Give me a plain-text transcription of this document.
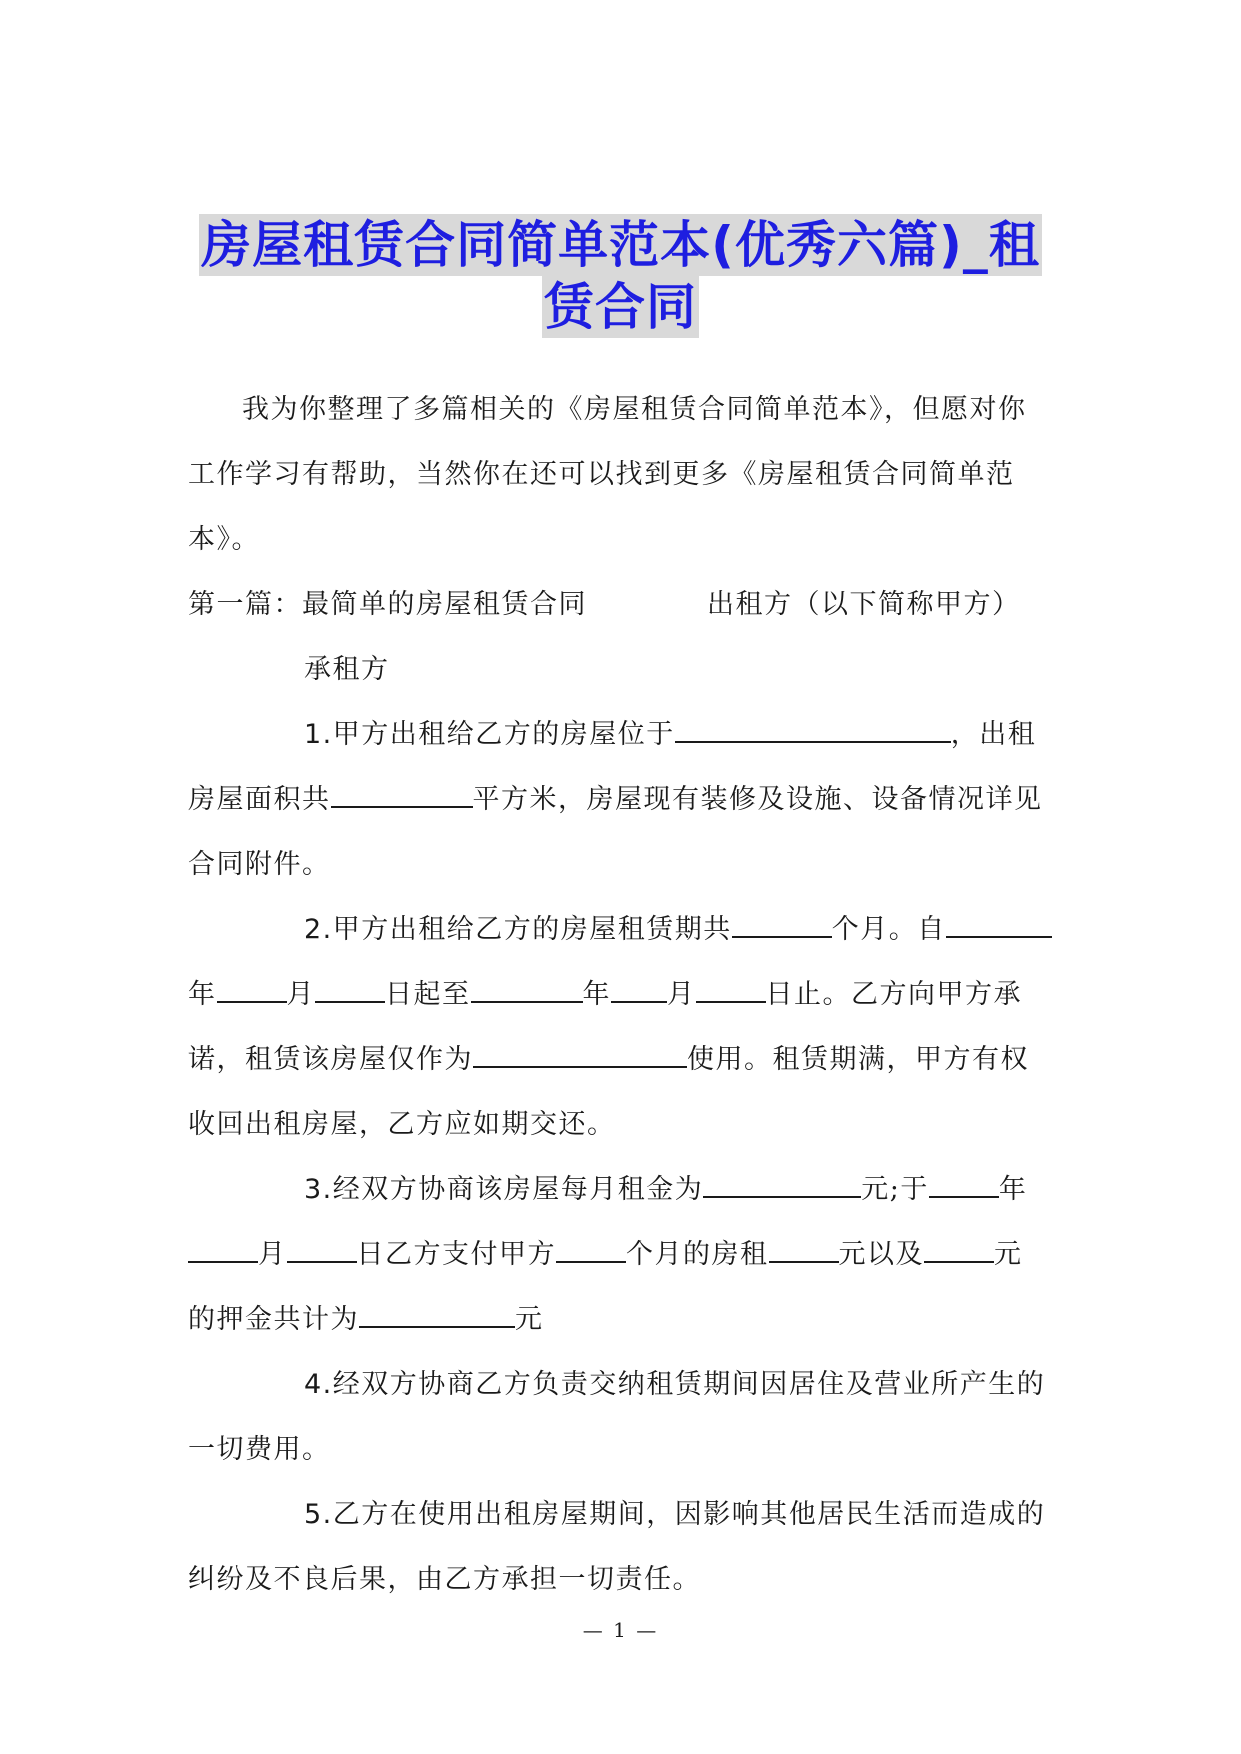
房屋租赁合同简单范本(优秀六篇)_租
赁合同
我为你整理了多篇相关的《房屋租赁合同简单范本》，但愿对你
工作学习有帮助，当然你在还可以找到更多《房屋租赁合同简单范
本》。
第一篇：最简单的房屋租赁合同	出租方（以下简称甲方）
承租方
1.甲方出租给乙方的房屋位于	，出租
房屋面积共	平方米，房屋现有装修及设施、设备情况详见
合同附件。
2.甲方出租给乙方的房屋租赁期共	个月。自
年	月	日起至	年 月	日止。乙方向甲方承
诺，租赁该房屋仅作为	使用。租赁期满，甲方有权
收回出租房屋，乙方应如期交还。
3.经双方协商该房屋每月租金为	元;于	年
月	日乙方支付甲方	个月的房租	元以及	元
的押金共计为	元
4.经双方协商乙方负责交纳租赁期间因居住及营业所产生的
一切费用。
5.乙方在使用出租房屋期间，因影响其他居民生活而造成的
纠纷及不良后果，由乙方承担一切责任。
— 1 —
